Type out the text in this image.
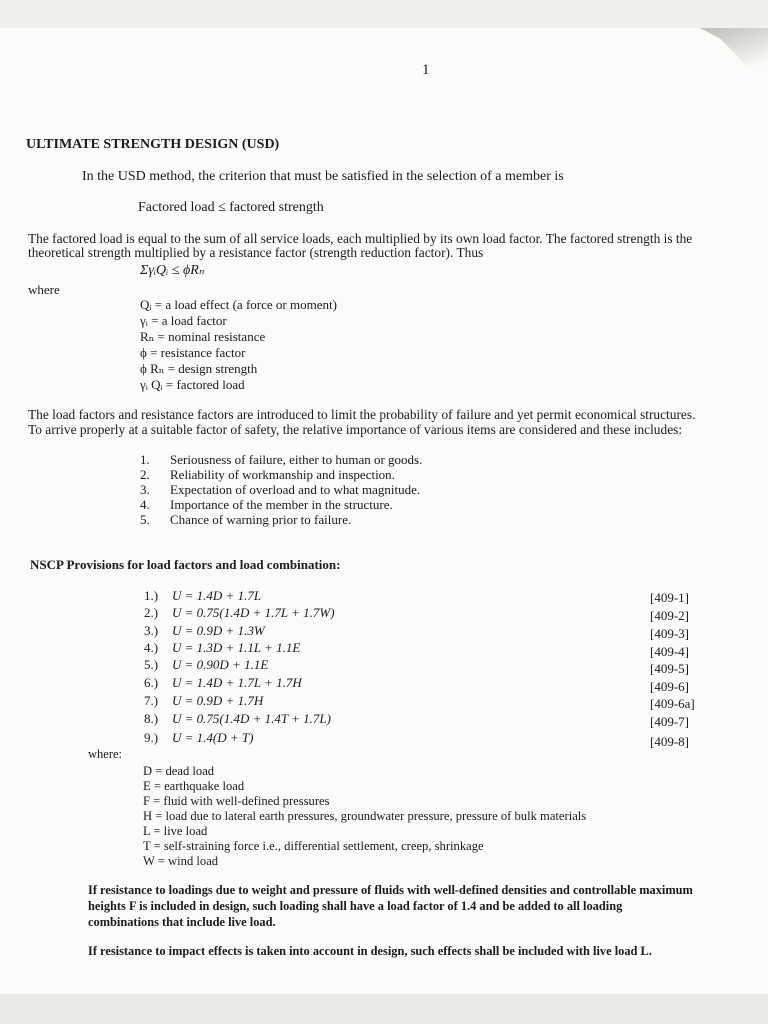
1
ULTIMATE STRENGTH DESIGN (USD)
In the USD method, the criterion that must be satisfied in the selection of a member is
Factored load ≤ factored strength
The factored load is equal to the sum of all service loads, each multiplied by its own load factor. The factored strength is the
theoretical strength multiplied by a resistance factor (strength reduction factor). Thus
ΣγᵢQᵢ ≤ ϕRₙ
where
Qᵢ = a load effect (a force or moment)
γᵢ = a load factor
Rₙ = nominal resistance
ϕ = resistance factor
ϕ Rₙ = design strength
γᵢ Qᵢ = factored load
The load factors and resistance factors are introduced to limit the probability of failure and yet permit economical structures.
To arrive properly at a suitable factor of safety, the relative importance of various items are considered and these includes:
1. Seriousness of failure, either to human or goods.
2. Reliability of workmanship and inspection.
3. Expectation of overload and to what magnitude.
4. Importance of the member in the structure.
5. Chance of warning prior to failure.
NSCP Provisions for load factors and load combination:
1.) U = 1.4D + 1.7L	[409-1]
2.) U = 0.75(1.4D + 1.7L + 1.7W)	[409-2]
3.) U = 0.9D + 1.3W	[409-3]
4.) U = 1.3D + 1.1L + 1.1E	[409-4]
5.) U = 0.90D + 1.1E	[409-5]
6.) U = 1.4D + 1.7L + 1.7H	[409-6]
7.) U = 0.9D + 1.7H	[409-6a]
8.) U = 0.75(1.4D + 1.4T + 1.7L)	[409-7]
9.) U = 1.4(D + T)	[409-8]
where:
D = dead load
E = earthquake load
F = fluid with well-defined pressures
H = load due to lateral earth pressures, groundwater pressure, pressure of bulk materials
L = live load
T = self-straining force i.e., differential settlement, creep, shrinkage
W = wind load
If resistance to loadings due to weight and pressure of fluids with well-defined densities and controllable maximum
heights F is included in design, such loading shall have a load factor of 1.4 and be added to all loading
combinations that include live load.
If resistance to impact effects is taken into account in design, such effects shall be included with live load L.
